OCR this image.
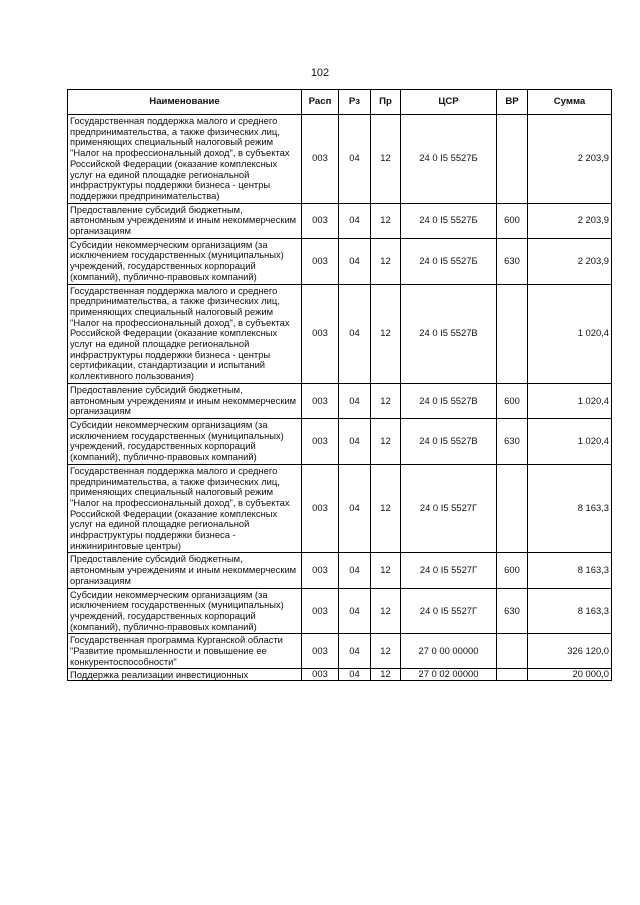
102
Наименование	Расп	Рз	Пр	ЦСР	ВР	Сумма
Государственная поддержка малого и среднего предпринимательства, а также физических лиц, применяющих специальный налоговый режим "Налог на профессиональный доход", в субъектах Российской Федерации (оказание комплексных услуг на единой площадке региональной инфраструктуры поддержки бизнеса - центры поддержки предпринимательства)	003	04	12	24 0 I5 5527Б		2 203,9
Предоставление субсидий бюджетным, автономным учреждениям и иным некоммерческим организациям	003	04	12	24 0 I5 5527Б	600	2 203,9
Субсидии некоммерческим организациям (за исключением государственных (муниципальных) учреждений, государственных корпораций (компаний), публично-правовых компаний)	003	04	12	24 0 I5 5527Б	630	2 203,9
Государственная поддержка малого и среднего предпринимательства, а также физических лиц, применяющих специальный налоговый режим "Налог на профессиональный доход", в субъектах Российской Федерации (оказание комплексных услуг на единой площадке региональной инфраструктуры поддержки бизнеса - центры сертификации, стандартизации и испытаний коллективного пользования)	003	04	12	24 0 I5 5527В		1 020,4
Предоставление субсидий бюджетным, автономным учреждениям и иным некоммерческим организациям	003	04	12	24 0 I5 5527В	600	1 020,4
Субсидии некоммерческим организациям (за исключением государственных (муниципальных) учреждений, государственных корпораций (компаний), публично-правовых компаний)	003	04	12	24 0 I5 5527В	630	1 020,4
Государственная поддержка малого и среднего предпринимательства, а также физических лиц, применяющих специальный налоговый режим "Налог на профессиональный доход", в субъектах Российской Федерации (оказание комплексных услуг на единой площадке региональной инфраструктуры поддержки бизнеса - инжиниринговые центры)	003	04	12	24 0 I5 5527Г		8 163,3
Предоставление субсидий бюджетным, автономным учреждениям и иным некоммерческим организациям	003	04	12	24 0 I5 5527Г	600	8 163,3
Субсидии некоммерческим организациям (за исключением государственных (муниципальных) учреждений, государственных корпораций (компаний), публично-правовых компаний)	003	04	12	24 0 I5 5527Г	630	8 163,3
Государственная программа Курганской области "Развитие промышленности и повышение ее конкурентоспособности"	003	04	12	27 0 00 00000		326 120,0
Поддержка реализации инвестиционных	003	04	12	27 0 02 00000		20 000,0
